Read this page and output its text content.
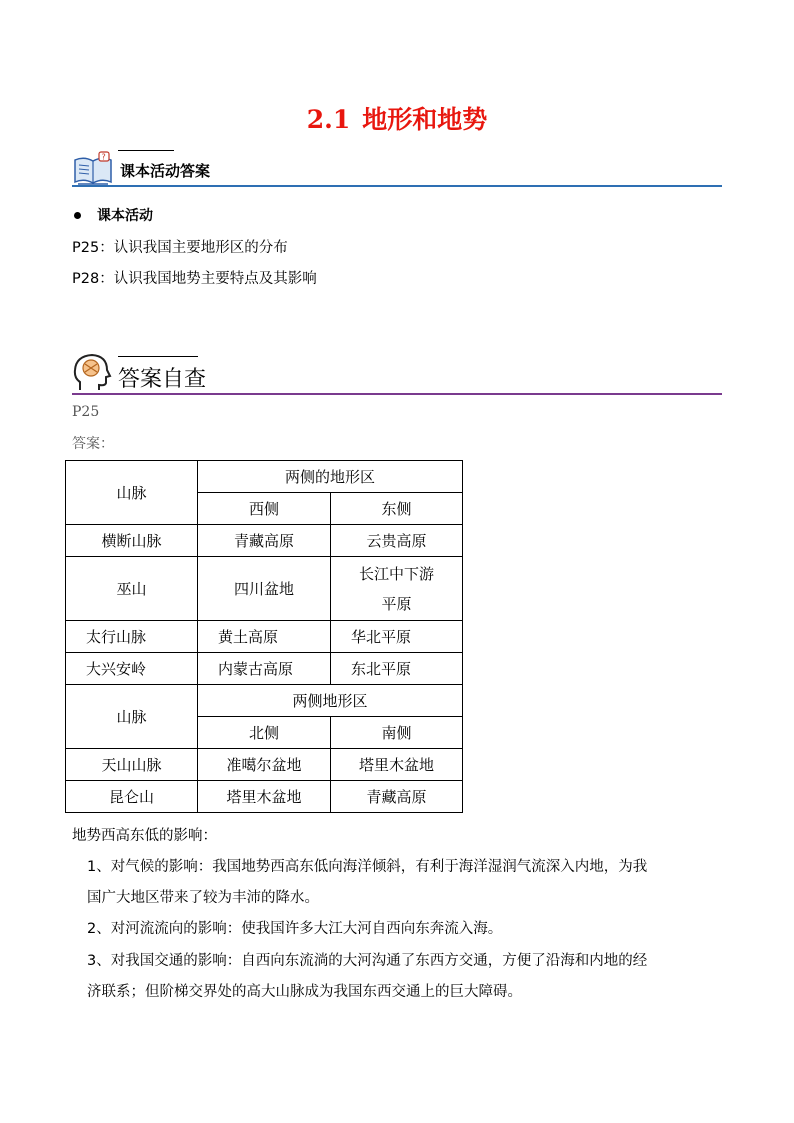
2.1 地形和地势
?
课本活动答案
课本活动
P25：认识我国主要地形区的分布
P28：认识我国地势主要特点及其影响
答案自查
P25
答案：
山脉	两侧的地形区	
	西侧	东侧
横断山脉	青藏高原	云贵高原
巫山	四川盆地	长江中下游
平原
太行山脉	黄土高原	华北平原
大兴安岭	内蒙古高原	东北平原
山脉	两侧地形区	
	北侧	南侧
天山山脉	准噶尔盆地	塔里木盆地
昆仑山	塔里木盆地	青藏高原
地势西高东低的影响：
1、对气候的影响：我国地势西高东低向海洋倾斜，有利于海洋湿润气流深入内地，为我
国广大地区带来了较为丰沛的降水。
2、对河流流向的影响：使我国许多大江大河自西向东奔流入海。
3、对我国交通的影响：自西向东流淌的大河沟通了东西方交通，方便了沿海和内地的经
济联系；但阶梯交界处的高大山脉成为我国东西交通上的巨大障碍。
